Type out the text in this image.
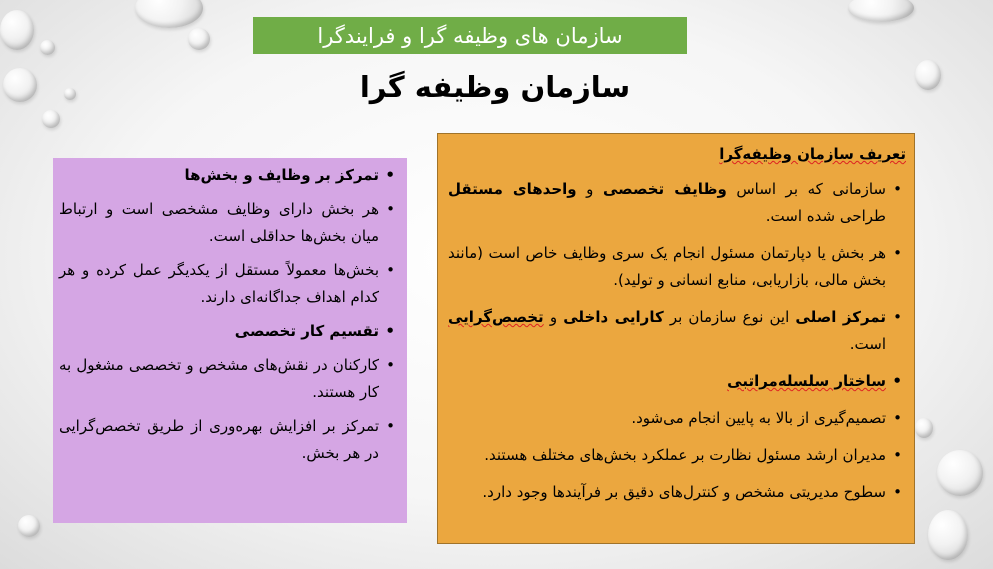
سازمان های وظیفه گرا و فرایندگرا
سازمان وظیفه گرا
• تمرکز بر وظایف و بخش‌ها
• هر بخش دارای وظایف مشخصی است و ارتباط میان بخش‌ها حداقلی است.
• بخش‌ها معمولاً مستقل از یکدیگر عمل کرده و هر کدام اهداف جداگانه‌ای دارند.
• تقسیم کار تخصصی
• کارکنان در نقش‌های مشخص و تخصصی مشغول به کار هستند.
• تمرکز بر افزایش بهره‌وری از طریق تخصص‌گرایی در هر بخش.
تعریف سازمان وظیفه‌گرا
• سازمانی که بر اساس وظایف تخصصی و واحدهای مستقل طراحی شده است.
• هر بخش یا دپارتمان مسئول انجام یک سری وظایف خاص است (مانند بخش مالی، بازاریابی، منابع انسانی و تولید).
• تمرکز اصلی این نوع سازمان بر کارایی داخلی و تخصص‌گرایی است.
• ساختار سلسله‌مراتبی
• تصمیم‌گیری از بالا به پایین انجام می‌شود.
• مدیران ارشد مسئول نظارت بر عملکرد بخش‌های مختلف هستند.
• سطوح مدیریتی مشخص و کنترل‌های دقیق بر فرآیندها وجود دارد.
